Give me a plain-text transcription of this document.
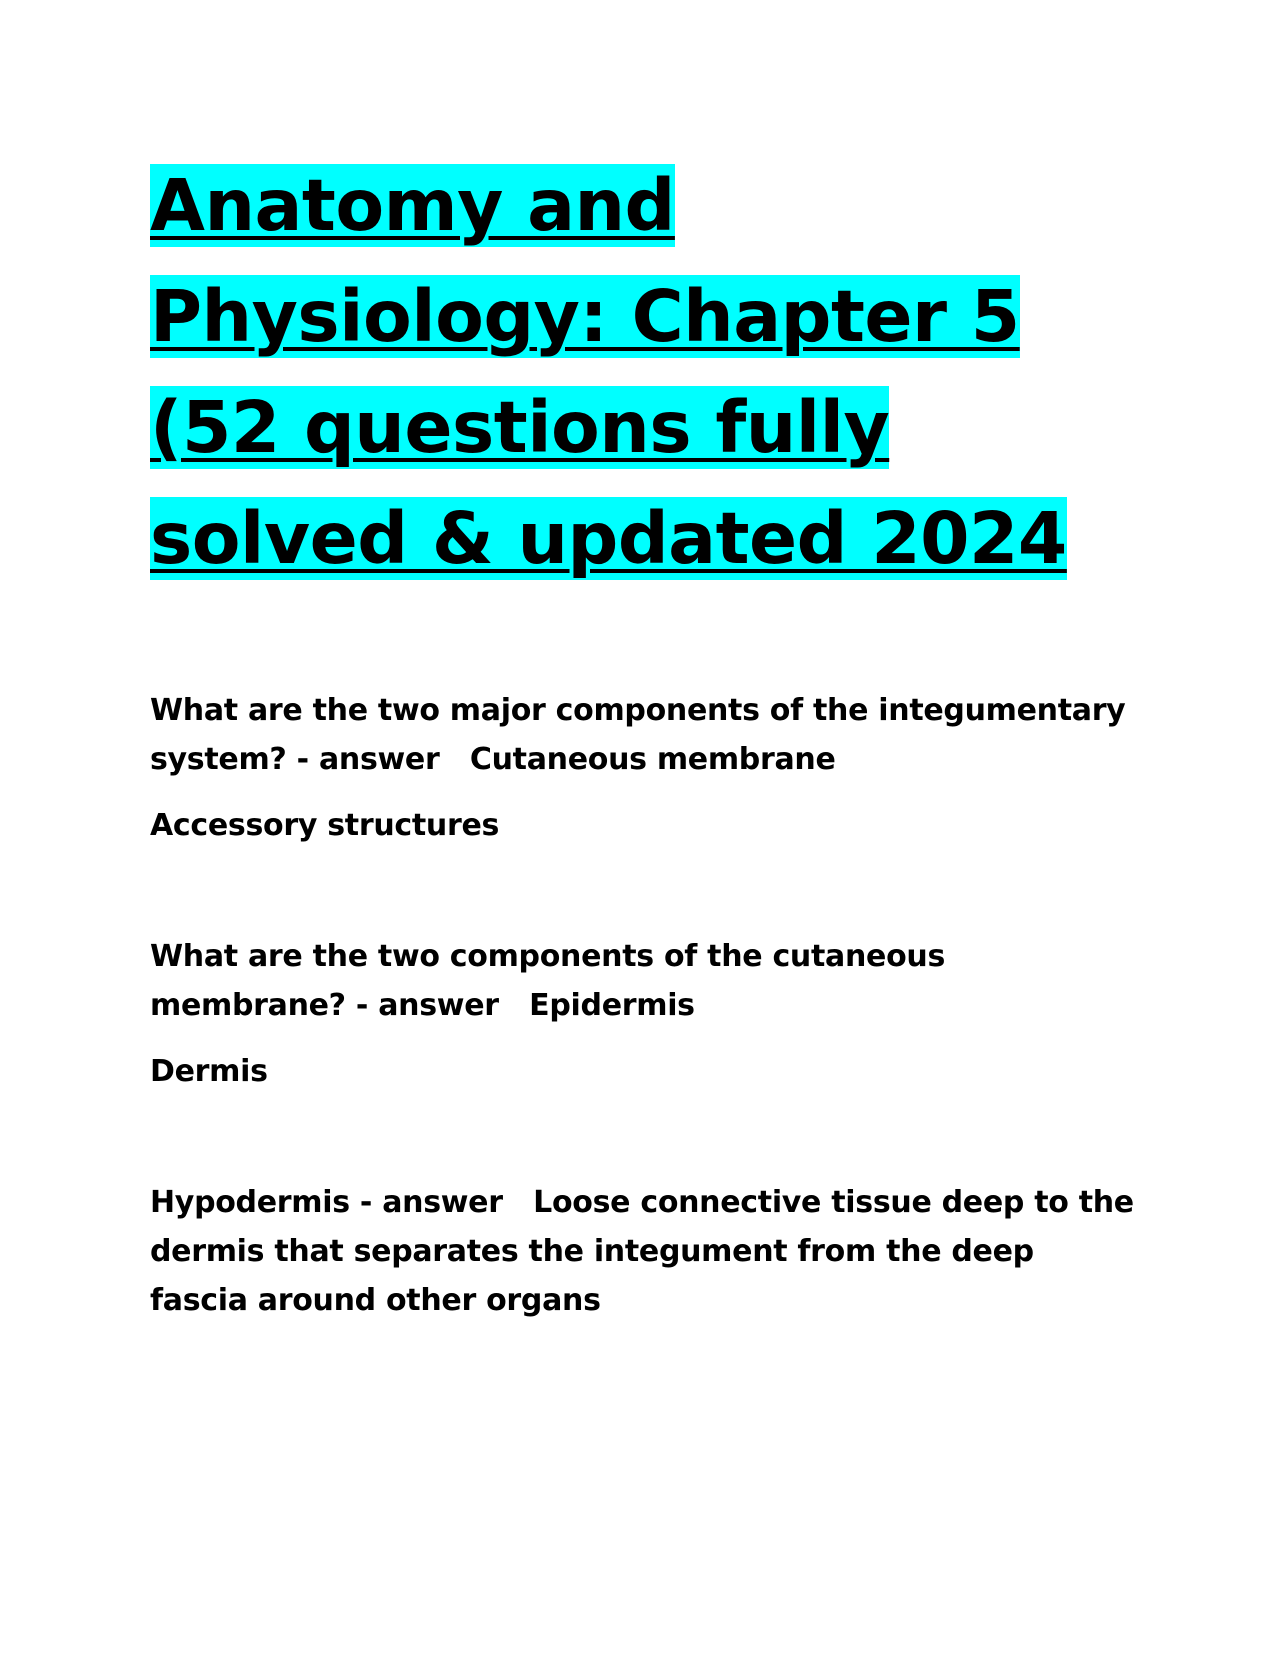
Anatomy and Physiology: Chapter 5 (52 questions fully solved & updated 2024

What are the two major components of the integumentary system? - answer   Cutaneous membrane

Accessory structures

What are the two components of the cutaneous membrane? - answer   Epidermis

Dermis

Hypodermis - answer   Loose connective tissue deep to the dermis that separates the integument from the deep fascia around other organs
